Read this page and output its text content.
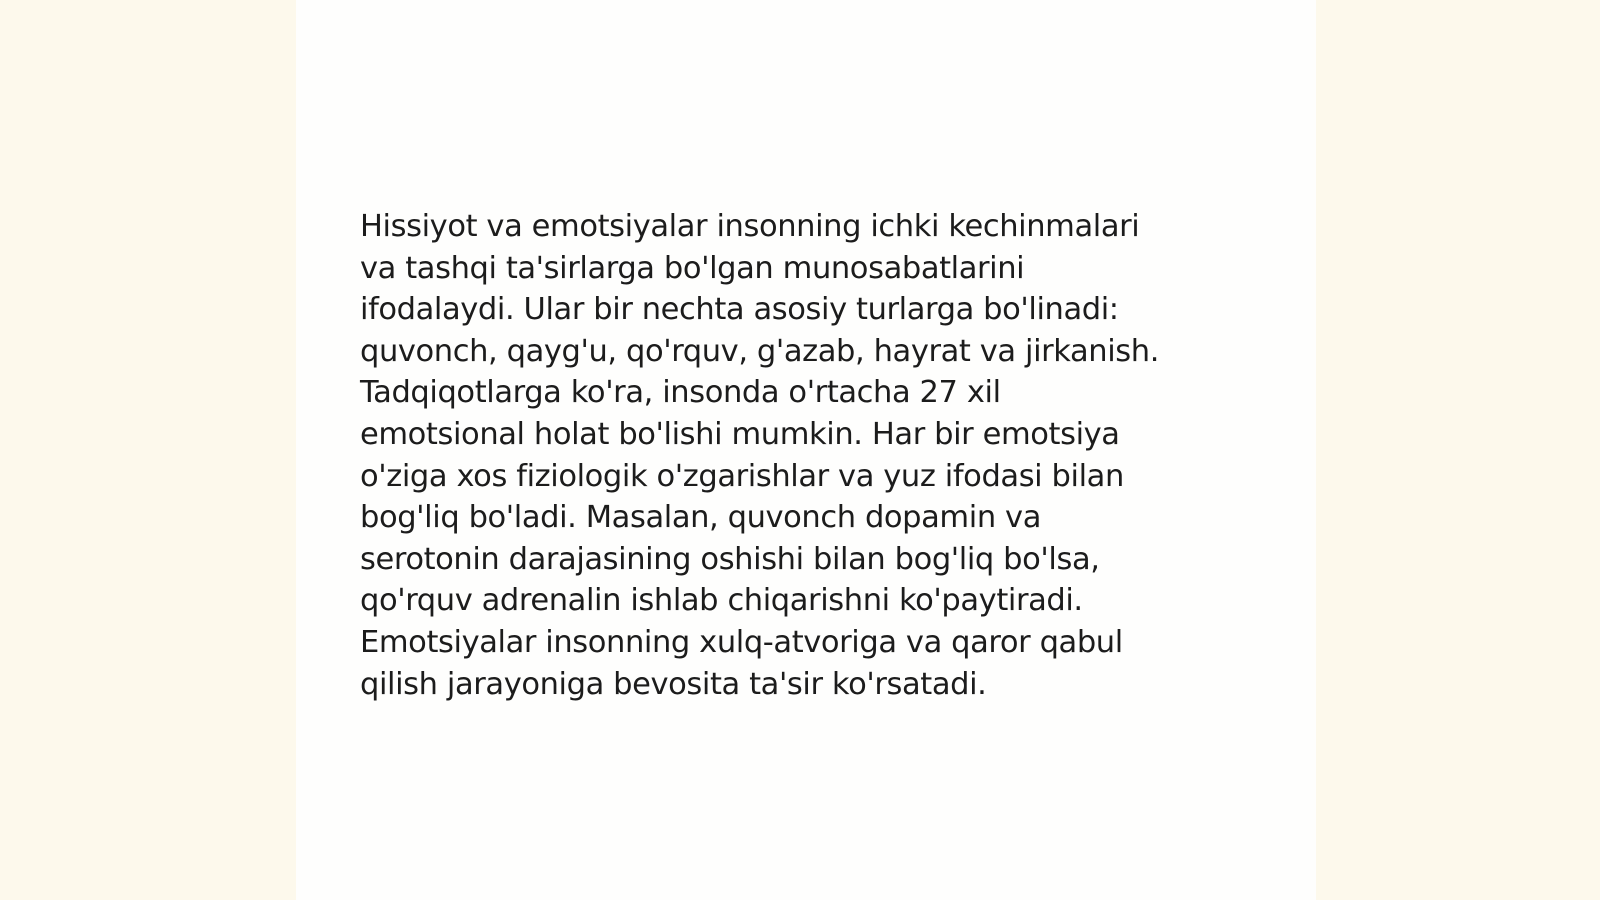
Hissiyot va emotsiyalar insonning ichki kechinmalari
va tashqi ta'sirlarga bo'lgan munosabatlarini
ifodalaydi. Ular bir nechta asosiy turlarga bo'linadi:
quvonch, qayg'u, qo'rquv, g'azab, hayrat va jirkanish.
Tadqiqotlarga ko'ra, insonda o'rtacha 27 xil
emotsional holat bo'lishi mumkin. Har bir emotsiya
o'ziga xos fiziologik o'zgarishlar va yuz ifodasi bilan
bog'liq bo'ladi. Masalan, quvonch dopamin va
serotonin darajasining oshishi bilan bog'liq bo'lsa,
qo'rquv adrenalin ishlab chiqarishni ko'paytiradi.
Emotsiyalar insonning xulq-atvoriga va qaror qabul
qilish jarayoniga bevosita ta'sir ko'rsatadi.
